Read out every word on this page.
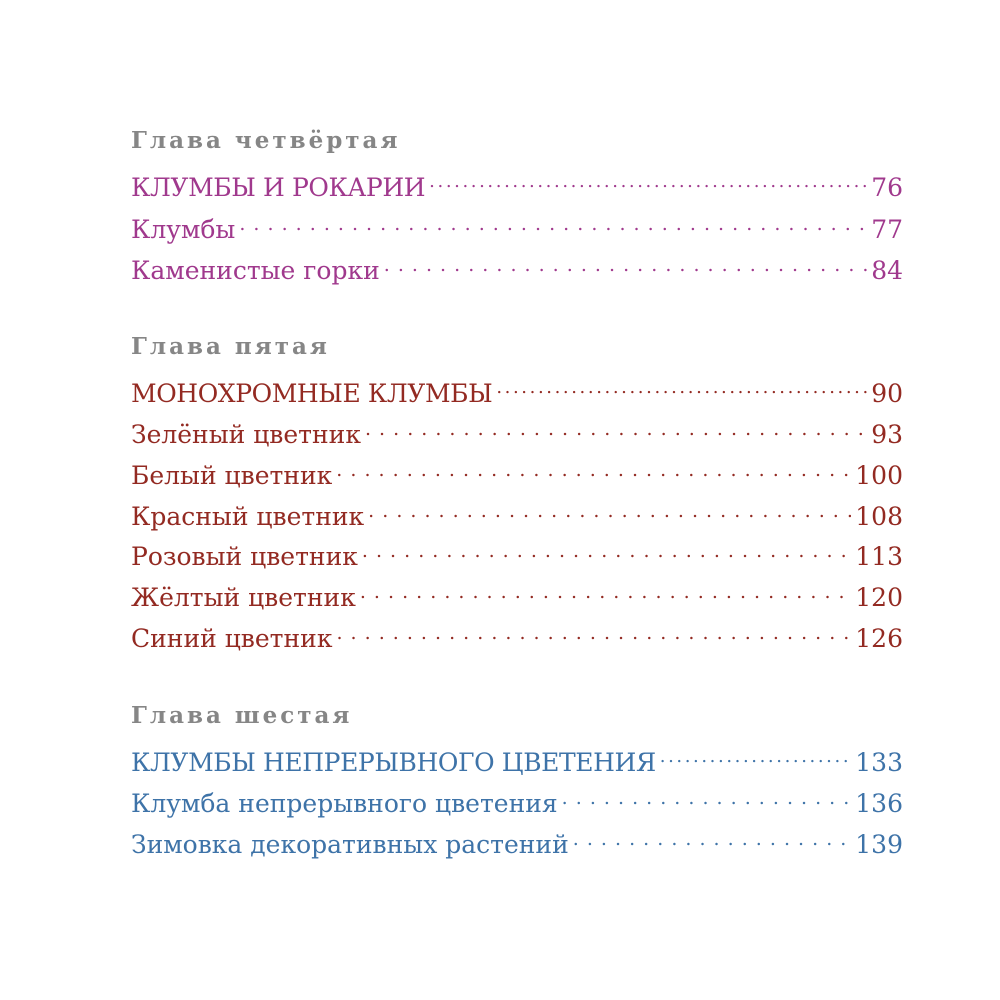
Глава четвёртая
КЛУМБЫ И РОКАРИИ .....	76
Клумбы . . .	77
Каменистые горки . . .	84
Глава пятая
МОНОХРОМНЫЕ КЛУМБЫ .....	90
Зелёный цветник . . .	93
Белый цветник . . .	100
Красный цветник . . .	108
Розовый цветник . . .	113
Жёлтый цветник . . .	120
Синий цветник . . .	126
Глава шестая
КЛУМБЫ НЕПРЕРЫВНОГО ЦВЕТЕНИЯ .....	133
Клумба непрерывного цветения . . .	136
Зимовка декоративных растений . . .	139
